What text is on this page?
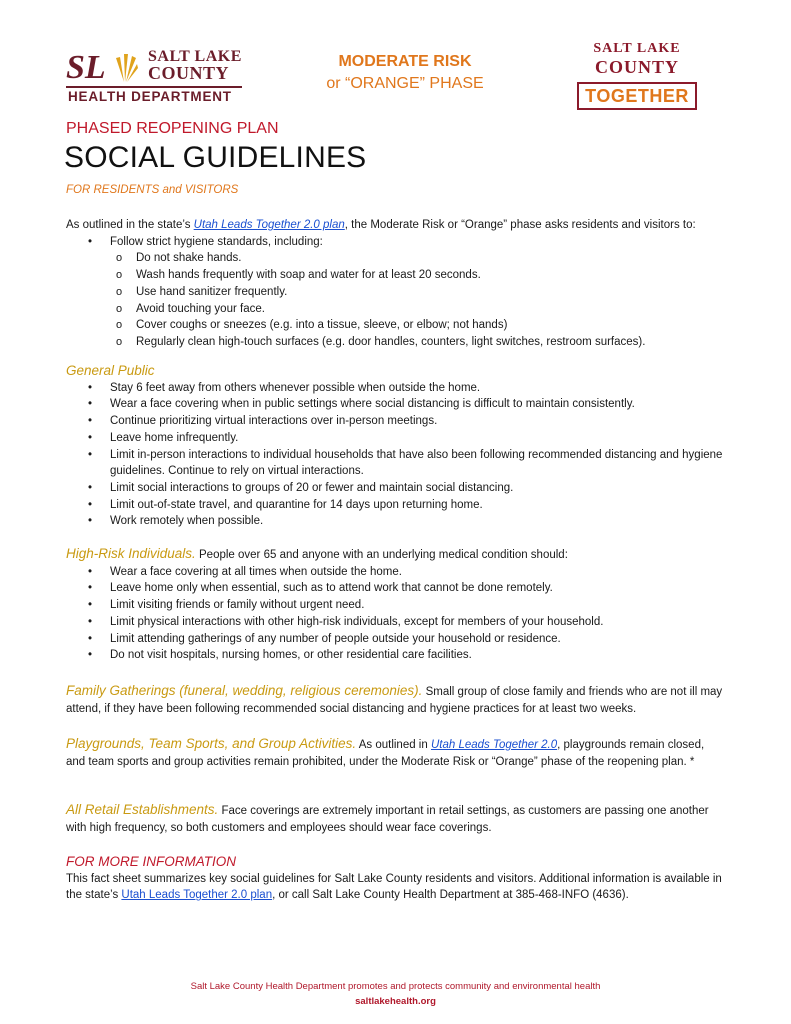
SL	SALT LAKE
COUNTY
HEALTH DEPARTMENT
MODERATE RISK
or “ORANGE” PHASE
SALT LAKE
COUNTY
TOGETHER
PHASED REOPENING PLAN
SOCIAL GUIDELINES
FOR RESIDENTS and VISITORS

As outlined in the state’s Utah Leads Together 2.0 plan, the Moderate Risk or “Orange” phase asks residents and visitors to:

• Follow strict hygiene standards, including:
o Do not shake hands.
o Wash hands frequently with soap and water for at least 20 seconds.
o Use hand sanitizer frequently.
o Avoid touching your face.
o Cover coughs or sneezes (e.g. into a tissue, sleeve, or elbow; not hands)
o Regularly clean high-touch surfaces (e.g. door handles, counters, light switches, restroom surfaces).
General Public
• Stay 6 feet away from others whenever possible when outside the home.
• Wear a face covering when in public settings where social distancing is difficult to maintain consistently.
• Continue prioritizing virtual interactions over in-person meetings.
• Leave home infrequently.
• Limit in-person interactions to individual households that have also been following recommended distancing and hygiene guidelines. Continue to rely on virtual interactions.
• Limit social interactions to groups of 20 or fewer and maintain social distancing.
• Limit out-of-state travel, and quarantine for 14 days upon returning home.
• Work remotely when possible.

High-Risk Individuals. People over 65 and anyone with an underlying medical condition should:

• Wear a face covering at all times when outside the home.
• Leave home only when essential, such as to attend work that cannot be done remotely.
• Limit visiting friends or family without urgent need.
• Limit physical interactions with other high-risk individuals, except for members of your household.
• Limit attending gatherings of any number of people outside your household or residence.
• Do not visit hospitals, nursing homes, or other residential care facilities.

Family Gatherings (funeral, wedding, religious ceremonies). Small group of close family and friends who are not ill may attend, if they have been following recommended social distancing and hygiene practices for at least two weeks.

Playgrounds, Team Sports, and Group Activities. As outlined in Utah Leads Together 2.0, playgrounds remain closed, and team sports and group activities remain prohibited, under the Moderate Risk or “Orange” phase of the reopening plan. *

All Retail Establishments. Face coverings are extremely important in retail settings, as customers are passing one another with high frequency, so both customers and employees should wear face coverings.

FOR MORE INFORMATION

This fact sheet summarizes key social guidelines for Salt Lake County residents and visitors. Additional information is available in the state’s Utah Leads Together 2.0 plan, or call Salt Lake County Health Department at 385-468-INFO (4636).

Salt Lake County Health Department promotes and protects community and environmental health
saltlakehealth.org
